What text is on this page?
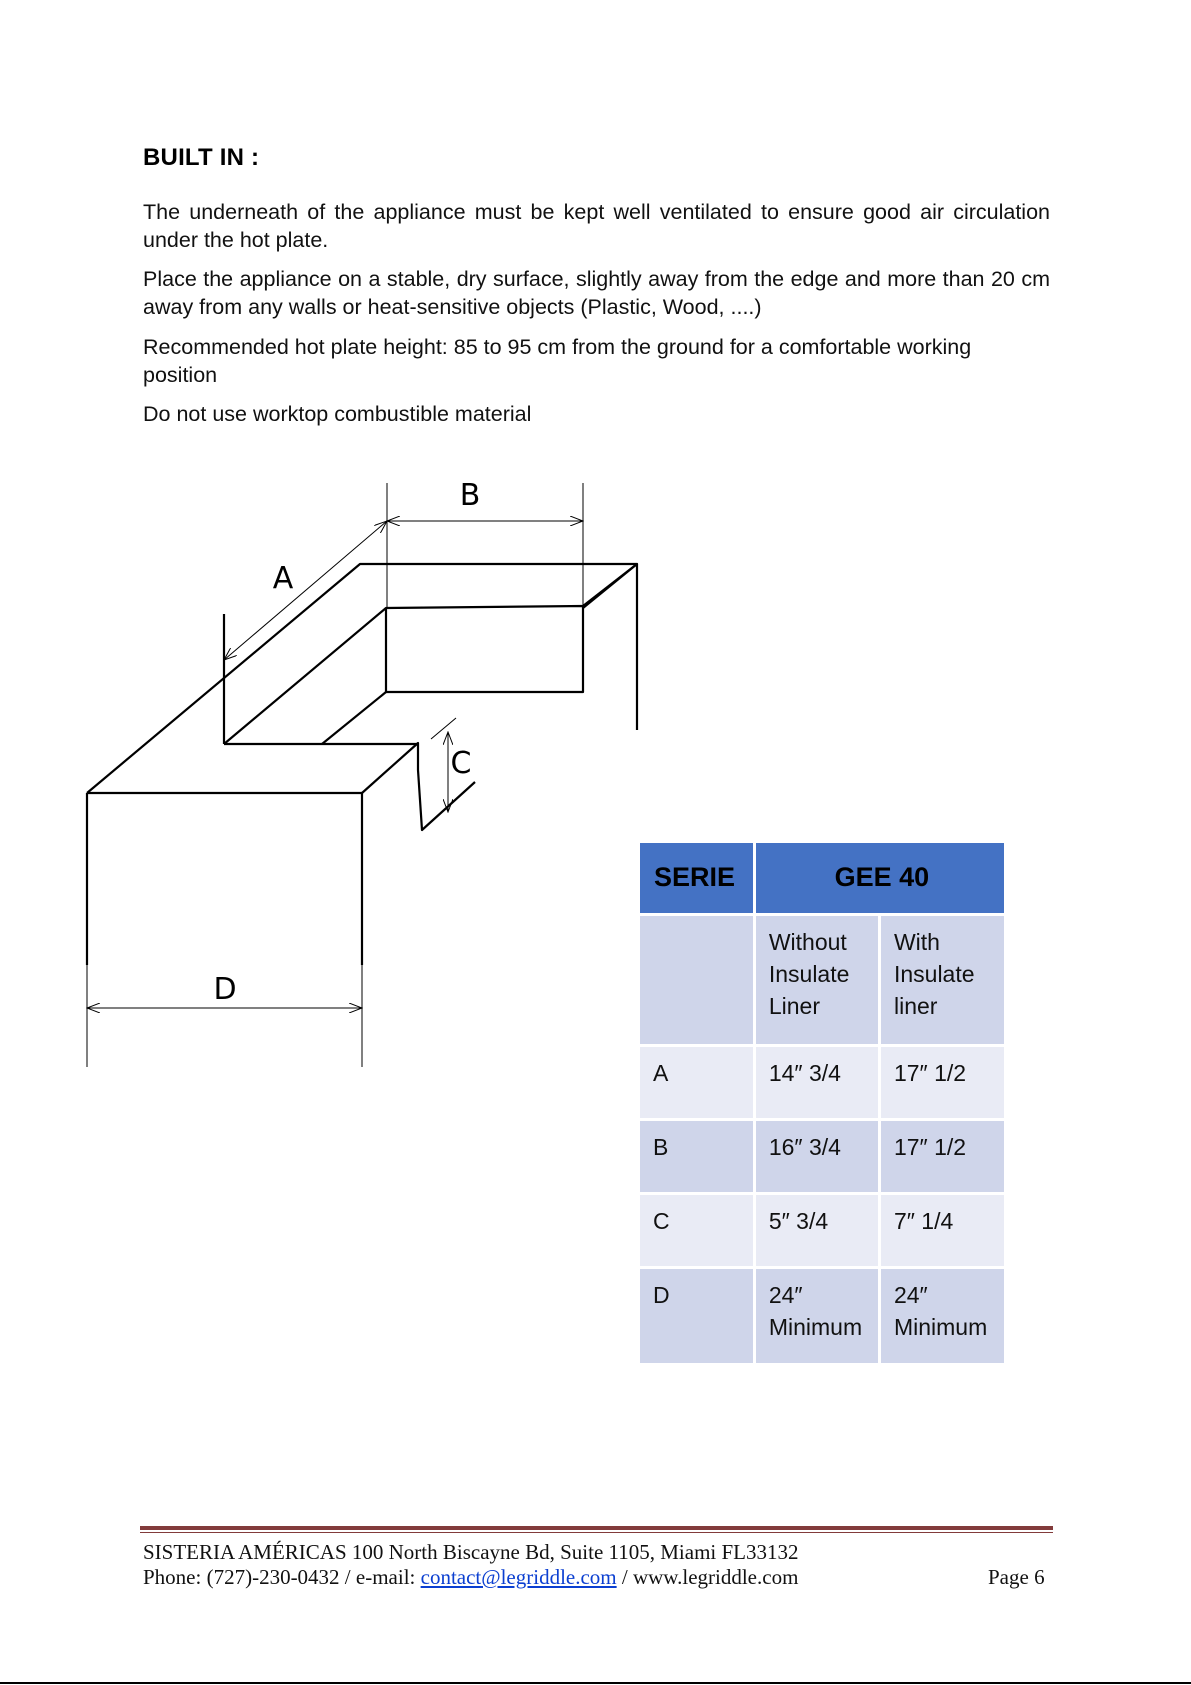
BUILT IN :
The underneath of the appliance must be kept well ventilated to ensure good air circulation under the hot plate.
Place the appliance on a stable, dry surface, slightly away from the edge and more than 20 cm away from any walls or heat-sensitive objects (Plastic, Wood, ....)
Recommended hot plate height: 85 to 95 cm from the ground for a comfortable working position
Do not use worktop combustible material
B
A
C
D
SERIE	GEE 40	
	Without Insulate Liner	With Insulate liner
A	14″ 3/4	17″ 1/2
B	16″ 3/4	17″ 1/2
C	5″ 3/4	7″ 1/4
D	24″ Minimum	24″ Minimum
SISTERIA AMÉRICAS 100 North Biscayne Bd, Suite 1105, Miami FL33132
Phone: (727)-230-0432 / e-mail: contact@legriddle.com / www.legriddle.com	Page 6
